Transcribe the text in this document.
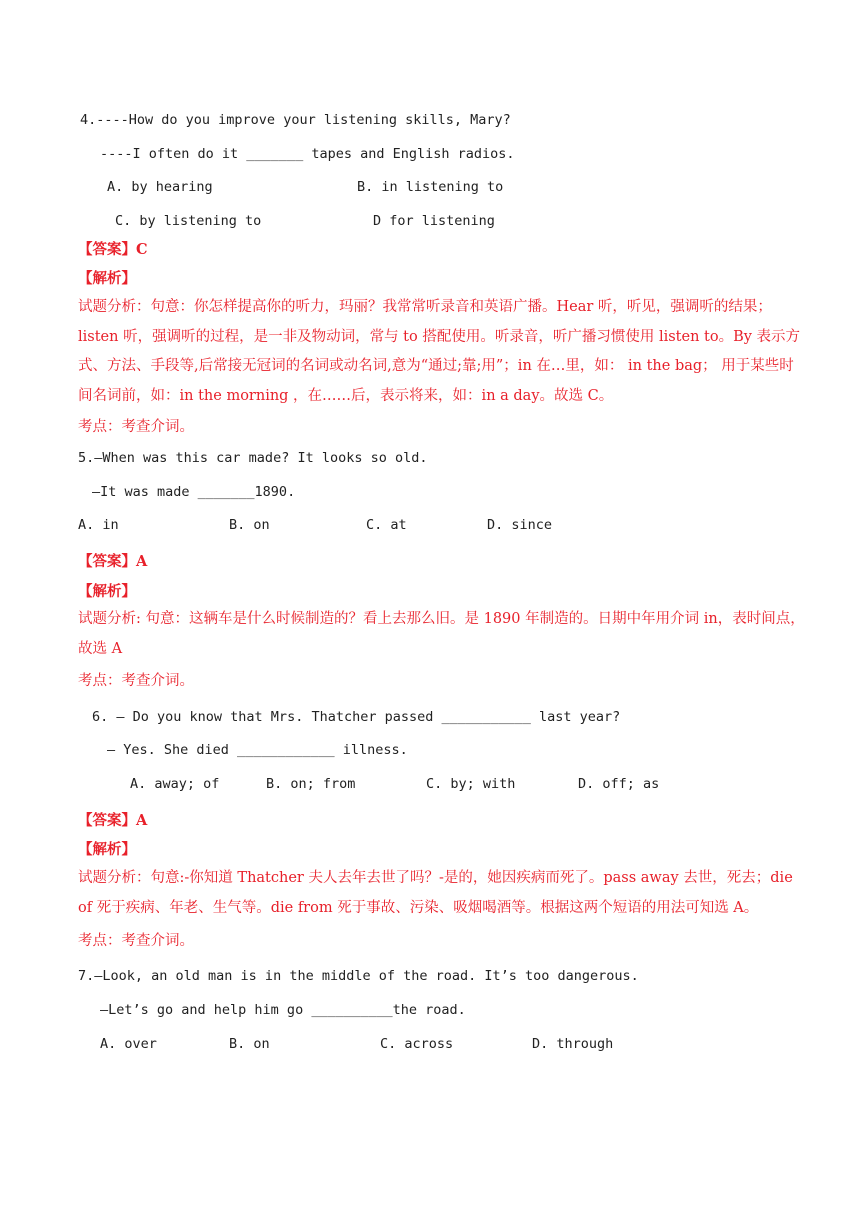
4.----How do you improve your listening skills, Mary?
----I often do it _______ tapes and English radios.
A. by hearing	B. in listening to
C. by listening to	D for listening
【答案】C
【解析】
试题分析：句意：你怎样提高你的听力，玛丽？我常常听录音和英语广播。Hear 听，听见，强调听的结果；listen 听，强调听的过程，是一非及物动词，常与 to 搭配使用。听录音，听广播习惯使用 listen to。By 表示方式、方法、手段等,后常接无冠词的名词或动名词,意为“通过;靠;用”；in 在…里，如： in the bag； 用于某些时间名词前，如：in the morning ，在……后，表示将来，如：in a day。故选 C。
考点：考查介词。
5.—When was this car made? It looks so old.
—It was made _______1890.
A. in	B. on	C. at	D. since
【答案】A
【解析】
试题分析: 句意：这辆车是什么时候制造的？看上去那么旧。是 1890 年制造的。日期中年用介词 in，表时间点，故选 A
考点：考查介词。
6. — Do you know that Mrs. Thatcher passed ___________ last year?
— Yes. She died ____________ illness.
A. away; of	B. on; from	C. by; with	D. off; as
【答案】A
【解析】
试题分析：句意:-你知道 Thatcher 夫人去年去世了吗？-是的，她因疾病而死了。pass away 去世，死去；die of 死于疾病、年老、生气等。die from 死于事故、污染、吸烟喝酒等。根据这两个短语的用法可知选 A。
考点：考查介词。
7.—Look, an old man is in the middle of the road. It’s too dangerous.
—Let’s go and help him go __________the road.
A. over	B. on	C. across	D. through
